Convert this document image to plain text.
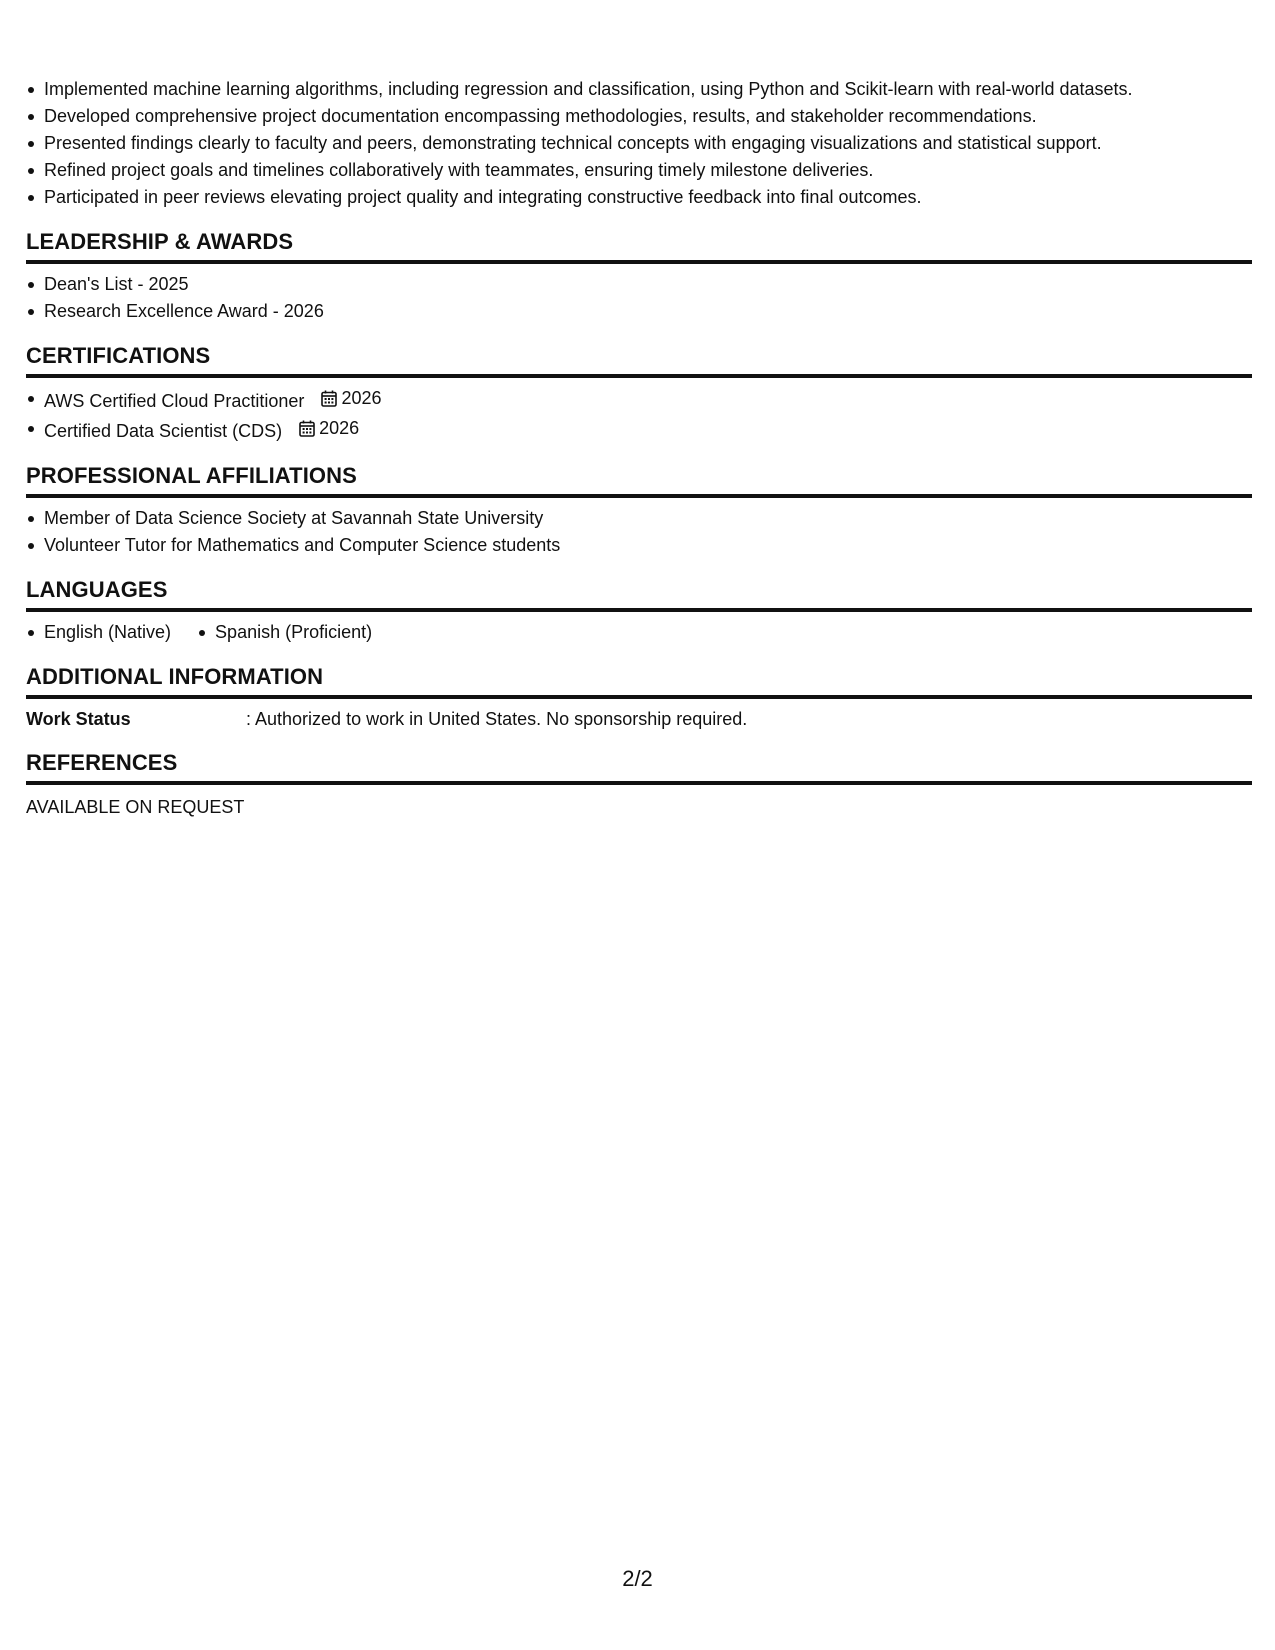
Implemented machine learning algorithms, including regression and classification, using Python and Scikit-learn with real-world datasets.
Developed comprehensive project documentation encompassing methodologies, results, and stakeholder recommendations.
Presented findings clearly to faculty and peers, demonstrating technical concepts with engaging visualizations and statistical support.
Refined project goals and timelines collaboratively with teammates, ensuring timely milestone deliveries.
Participated in peer reviews elevating project quality and integrating constructive feedback into final outcomes.
LEADERSHIP & AWARDS
Dean's List - 2025
Research Excellence Award - 2026
CERTIFICATIONS
AWS Certified Cloud Practitioner 2026
Certified Data Scientist (CDS) 2026
PROFESSIONAL AFFILIATIONS
Member of Data Science Society at Savannah State University
Volunteer Tutor for Mathematics and Computer Science students
LANGUAGES
English (Native)	Spanish (Proficient)
ADDITIONAL INFORMATION
Work Status	: Authorized to work in United States. No sponsorship required.
REFERENCES
AVAILABLE ON REQUEST
2/2
